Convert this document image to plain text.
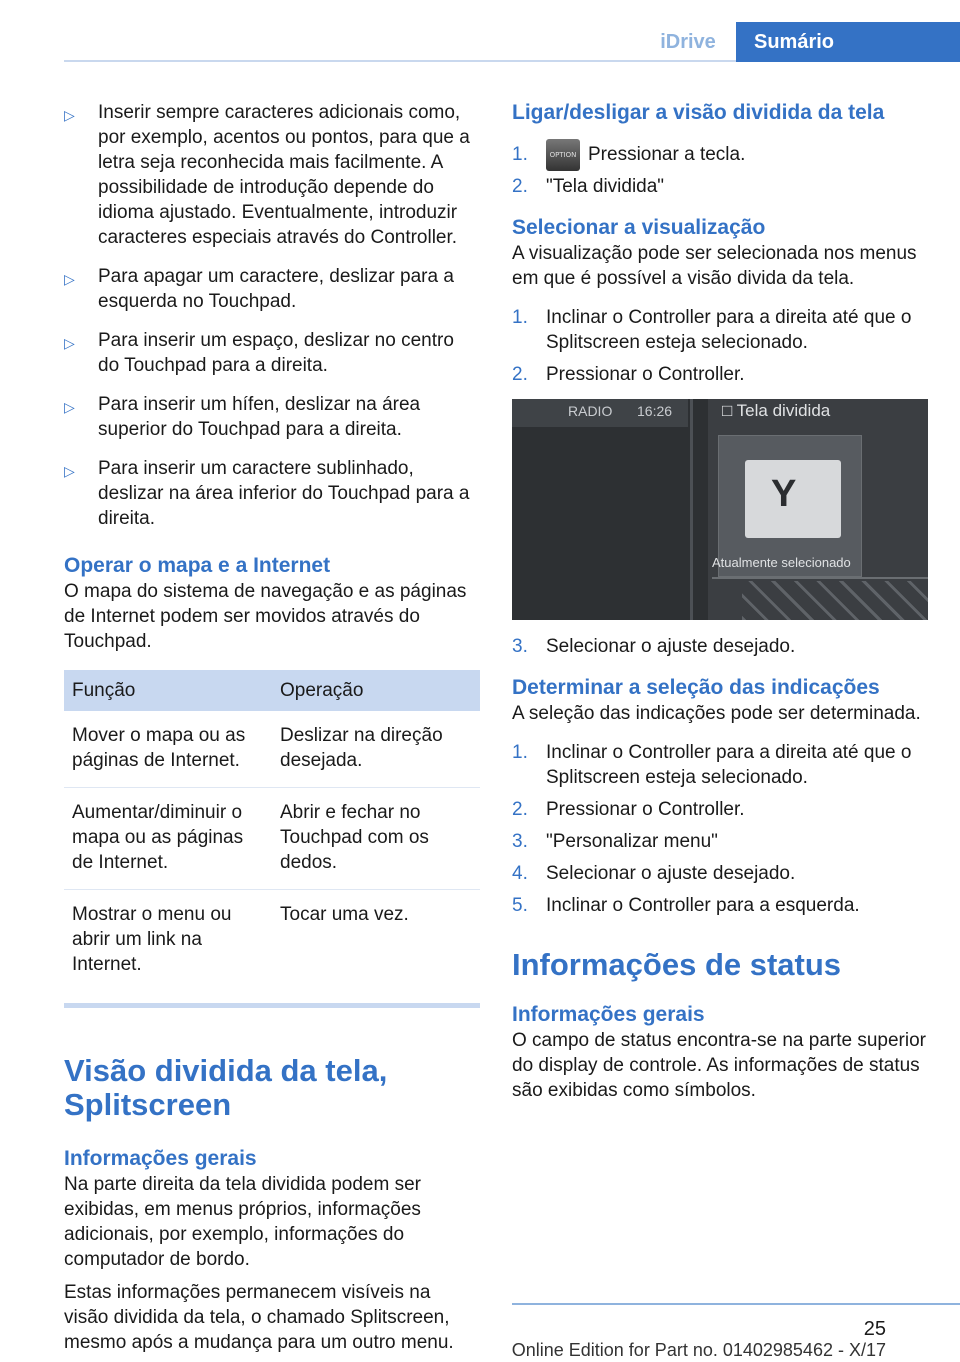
iDrive	Sumário
▷ Inserir sempre caracteres adicionais como, por exemplo, acentos ou pontos, para que a letra seja reconhecida mais facilmente. A possibilidade de introdução depende do idioma ajustado. Eventualmente, introduzir caracteres especiais através do Controller.
▷ Para apagar um caractere, deslizar para a esquerda no Touchpad.
▷ Para inserir um espaço, deslizar no centro do Touchpad para a direita.
▷ Para inserir um hífen, deslizar na área superior do Touchpad para a direita.
▷ Para inserir um caractere sublinhado, deslizar na área inferior do Touchpad para a direita.
Operar o mapa e a Internet

O mapa do sistema de navegação e as páginas de Internet podem ser movidos através do Touchpad.

Função	Operação
Mover o mapa ou as páginas de Internet.	Deslizar na direção desejada.
Aumentar/diminuir o mapa ou as páginas de Internet.	Abrir e fechar no Touchpad com os dedos.
Mostrar o menu ou abrir um link na Internet.	Tocar uma vez.
Visão dividida da tela, Splitscreen
Informações gerais

Na parte direita da tela dividida podem ser exibidas, em menus próprios, informações adicionais, por exemplo, informações do computador de bordo.

Estas informações permanecem visíveis na visão dividida da tela, o chamado Splitscreen, mesmo após a mudança para um outro menu.

Ligar/desligar a visão dividida da tela
1.	OPTION Pressionar a tecla.
2. "Tela dividida"
Selecionar a visualização

A visualização pode ser selecionada nos menus em que é possível a visão divida da tela.

1. Inclinar o Controller para a direita até que o Splitscreen esteja selecionado.
2. Pressionar o Controller.
RADIO 16:26	□ Tela dividida
Y
Atualmente selecionado
3. Selecionar o ajuste desejado.
Determinar a seleção das indicações

A seleção das indicações pode ser determinada.

1. Inclinar o Controller para a direita até que o Splitscreen esteja selecionado.
2. Pressionar o Controller.
3. "Personalizar menu"
4. Selecionar o ajuste desejado.
5. Inclinar o Controller para a esquerda.
Informações de status
Informações gerais

O campo de status encontra-se na parte superior do display de controle. As informações de status são exibidas como símbolos.

25
Online Edition for Part no. 01402985462 - X/17
